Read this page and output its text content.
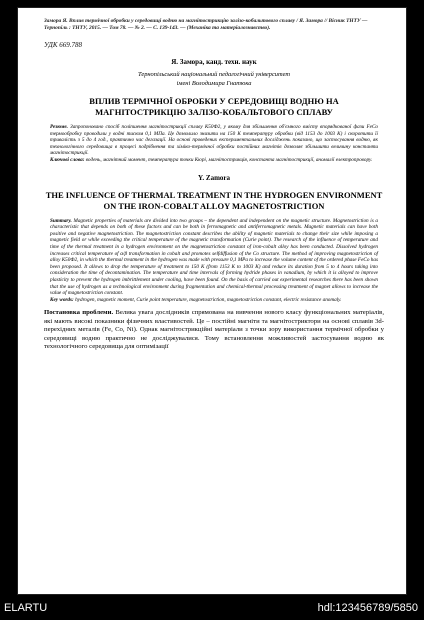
Замора Я. Вплив термічної обробки у середовищі водню на магнітострикцію залізо-кобальтового сплаву / Я. Замора // Вісник ТНТУ — Тернопіль : ТНТУ, 2015. — Том 78. — № 2. — С. 139-143. — (Механіка та матеріалознавство).
УДК 669.788
Я. Замора, канд. техн. наук
Тернопільський національний педагогічний університет
імені Володимира Гнатюка
ВПЛИВ ТЕРМІЧНОЇ ОБРОБКИ У СЕРЕДОВИЩІ ВОДНЮ НА МАГНІТОСТРИКЦІЮ ЗАЛІЗО-КОБАЛЬТОВОГО СПЛАВУ
Резюме. Запропоновано спосіб поліпшення магнітострикції сплаву К50Ф2, у якому для збільшення об'ємного вмісту впорядкованої фази FeCo термообробку проводили у водні тиском 0,1 МПа. Це дозволило знизити на 150 К температуру обробки (від 1153 до 1003 К) і скоротити її тривалість з 5 до 4 год., практично час дегазації. На основі проведених експериментальних досліджень показано, що застосування водню, як технологічного середовища в процесі подрібнення та хіміко-термічної обробки постійних магнітів дозволяє збільшити величину константи магнітострикції.
Ключові слова: водень, магнітний момент, температура точки Кюрі, магнітострикція, константа магнітострикції, аномалії електропровору.
Y. Zamora
THE INFLUENCE OF THERMAL TREATMENT IN THE HYDROGEN ENVIRONMENT ON THE IRON-COBALT ALLOY MAGNETOSTRICTION
Summary. Magnetic properties of materials are divided into two groups – the dependent and independent on the magnetic structure. Magnetostriction is a characteristic that depends on both of these factors and can be both in ferromagnetic and antiferromagnetic metals. Magnetic materials can have both positive and negative magnetostriction. The magnetostriction constant describes the ability of magnetic materials to change their size while imposing a magnetic field or while exceeding the critical temperature of the magnetic transformation (Curie point). The research of the influence of temperature and time of the thermal treatment in a hydrogen environment on the magnetostriction constant of iron-cobalt alloy has been conducted. Dissolved hydrogen increases critical temperature of α/β transformation in cobalt and promotes selfdiffusion of the Co structure. The method of improving magnetostriction of alloy K50Ф2, in which the thermal treatment in the hydrogen was made with pressure 0,1 MPa to increase the volume content of the ordered phase FeCo has been proposed. It allows to drop the temperature of treatment to 150 K (from 1153 K to 1003 K) and reduce its duration from 5 to 4 hours taking into consideration the time of decontamination. The temperature and time intervals of forming hydride phases in vanadium, by which it is alloyed to improve plasticity to prevent the hydrogen imbrittlement under cooling, have been found. On the basis of carried out experimental researches there has been shown that the use of hydrogen as a technological environment during fragmentation and chemical-thermal processing treatment of magnet allows to increase the value of magnetostriction constant.
Key words: hydrogen, magnetic moment, Curie point temperature, magnetostriction, magnetostriction constant, electric resistance anomaly.
Постановка проблеми. Велика увага дослідників спрямована на вивчення нового класу функціональних матеріалів, які мають високі показники фізичних властивостей. Це – постійні магніти та магнітостриктори на основі сплавів 3d-перехідних металів (Fe, Co, Ni). Однак магнітострикційні матеріали з точки зору використання термічної обробки у середовищі водню практично не досліджувалися. Тому встановлення можливостей застосування водню як технологічного середовища для оптимізації
ELARTU	hdl:123456789/5850
